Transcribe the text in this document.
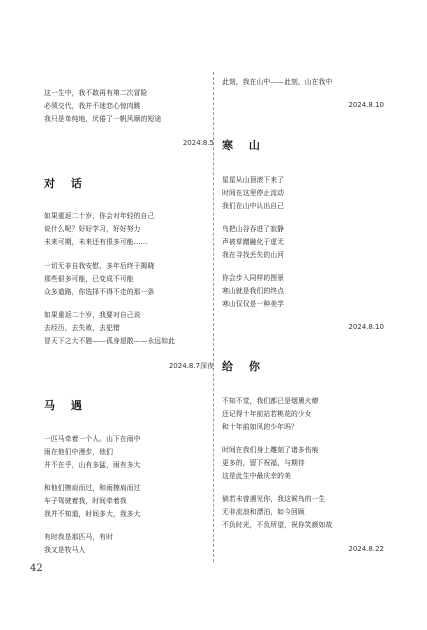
这一生中，我不敢再有第二次冒险
必须交代，我并不迷恋心惊肉跳
我只是单纯地，厌倦了一帆风顺的短途
2024.8.5
对 话
如果重返二十岁，你会对年轻的自己
说什么呢？好好学习，好好努力
未来可期，未来还有很多可能……
一切无非自我安慰，多年后终于揭晓
那些很多可能，已变成不可能
众多道路，你选择不得不走的那一条
如果重返二十岁，我要对自己说
去经历，去失败，去犯错
冒天下之大不韪——孤身退散——永远如此
2024.8.7深夜
马 遇
一匹马牵着一个人。山下在雨中
雨在他们中漫步，他们
并不在乎，山有多猛，雨有多大
和他们擦肩而过，和雨擦肩而过
车子驾驶着我，时间牵着我
我并不知道，时间多大，我多大
有时我是那匹马，有时
我又是牧马人
此刻，我在山中——此刻，山在我中
2024.8.10
寒 山
星星从山顶滚下来了
时间在这里停止流动
我们在山中认出自己
鸟把山谷吞进了寂静
声被草蹭融化于虚无
我在寻找丢失的山河
你会步入同样的图景
寒山就是我们的终点
寒山仅仅是一种美学
2024.8.10
给 你
不知不觉，我们都已是烟熏火燎
还记得十年前站若桃花的少女
和十年前如风的少年吗？
时间在我们身上雕刻了诸多伤痕
更多的，留下祝福，与期待
这是此生中最庆幸的美
倘若未曾遇见你，我这候鸟的一生
无非流浪和漂泊，如今回顾
不负时光，不负所望，祝你笑颜如故
2024.8.22
42
